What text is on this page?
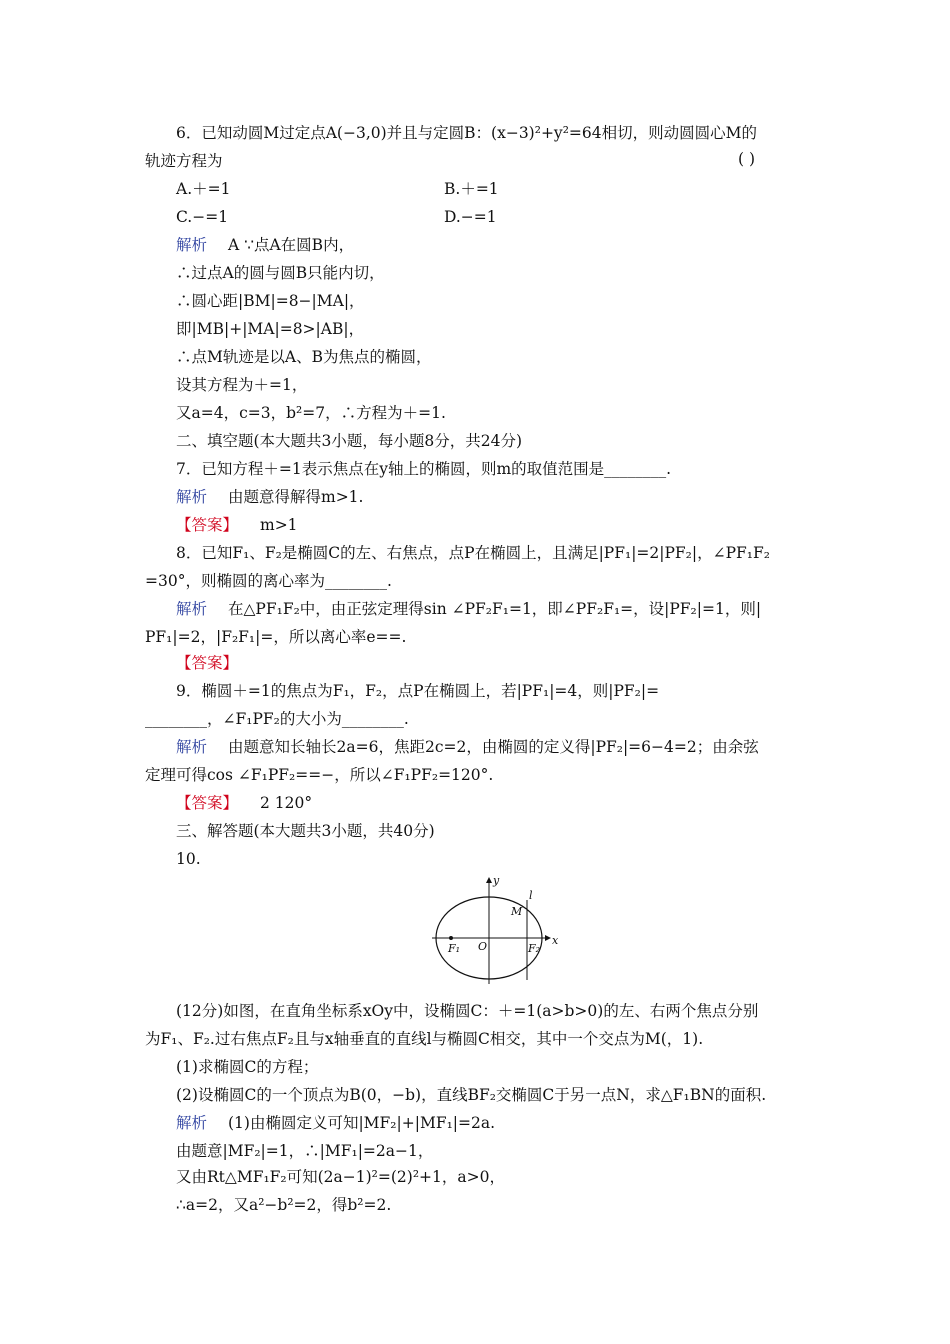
6．已知动圆M过定点A(−3,0)并且与定圆B：(x−3)²+y²=64相切，则动圆圆心M的
轨迹方程为	( )
A.＋=1	B.＋=1
C.−=1	D.−=1
解析 A ∵点A在圆B内，
∴过点A的圆与圆B只能内切，
∴圆心距|BM|=8−|MA|，
即|MB|+|MA|=8>|AB|，
∴点M轨迹是以A、B为焦点的椭圆，
设其方程为＋=1，
又a=4，c=3，b²=7，∴方程为＋=1.
二、填空题(本大题共3小题，每小题8分，共24分)
7．已知方程＋=1表示焦点在y轴上的椭圆，则m的取值范围是________.
解析 由题意得解得m>1.
【答案】 m>1
8．已知F₁、F₂是椭圆C的左、右焦点，点P在椭圆上，且满足|PF₁|=2|PF₂|，∠PF₁F₂
=30°，则椭圆的离心率为________.
解析 在△PF₁F₂中，由正弦定理得sin ∠PF₂F₁=1，即∠PF₂F₁=，设|PF₂|=1，则|
PF₁|=2，|F₂F₁|=，所以离心率e==.
【答案】
9．椭圆＋=1的焦点为F₁，F₂，点P在椭圆上，若|PF₁|=4，则|PF₂|=
________，∠F₁PF₂的大小为________.
解析 由题意知长轴长2a=6，焦距2c=2，由椭圆的定义得|PF₂|=6−4=2；由余弦
定理可得cos ∠F₁PF₂==−，所以∠F₁PF₂=120°.
【答案】 2 120°
三、解答题(本大题共3小题，共40分)
10.
y
l
M
F₁ O	F₂
x
(12分)如图，在直角坐标系xOy中，设椭圆C：＋=1(a>b>0)的左、右两个焦点分别
为F₁、F₂.过右焦点F₂且与x轴垂直的直线l与椭圆C相交，其中一个交点为M(，1).
(1)求椭圆C的方程；
(2)设椭圆C的一个顶点为B(0，−b)，直线BF₂交椭圆C于另一点N，求△F₁BN的面积.
解析 (1)由椭圆定义可知|MF₂|+|MF₁|=2a.
由题意|MF₂|=1，∴|MF₁|=2a−1，
又由Rt△MF₁F₂可知(2a−1)²=(2)²+1，a>0，
∴a=2，又a²−b²=2，得b²=2.
